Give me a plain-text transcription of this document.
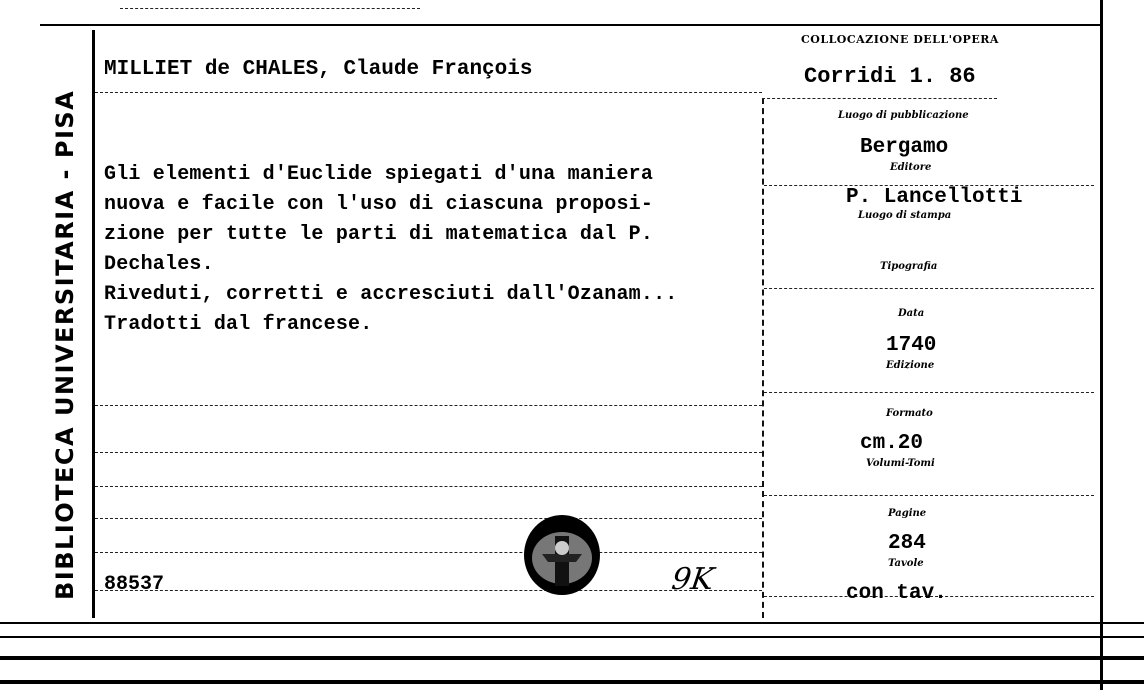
BIBLIOTECA UNIVERSITARIA - PISA
MILLIET de CHALES, Claude François
Gli elementi d'Euclide spiegati d'una maniera
nuova e facile con l'uso di ciascuna proposi-
zione per tutte le parti di matematica dal P.
Dechales.
Riveduti, corretti e accresciuti dall'Ozanam...
Tradotti dal francese.
88537	9K
COLLOCAZIONE DELL'OPERA
Corridi 1. 86
Luogo di pubblicazione
Bergamo
Editore
P. Lancellotti
Luogo di stampa
Tipografia
Data
1740
Edizione
Formato
cm.20
Volumi-Tomi
Pagine
284
Tavole
con tav.
